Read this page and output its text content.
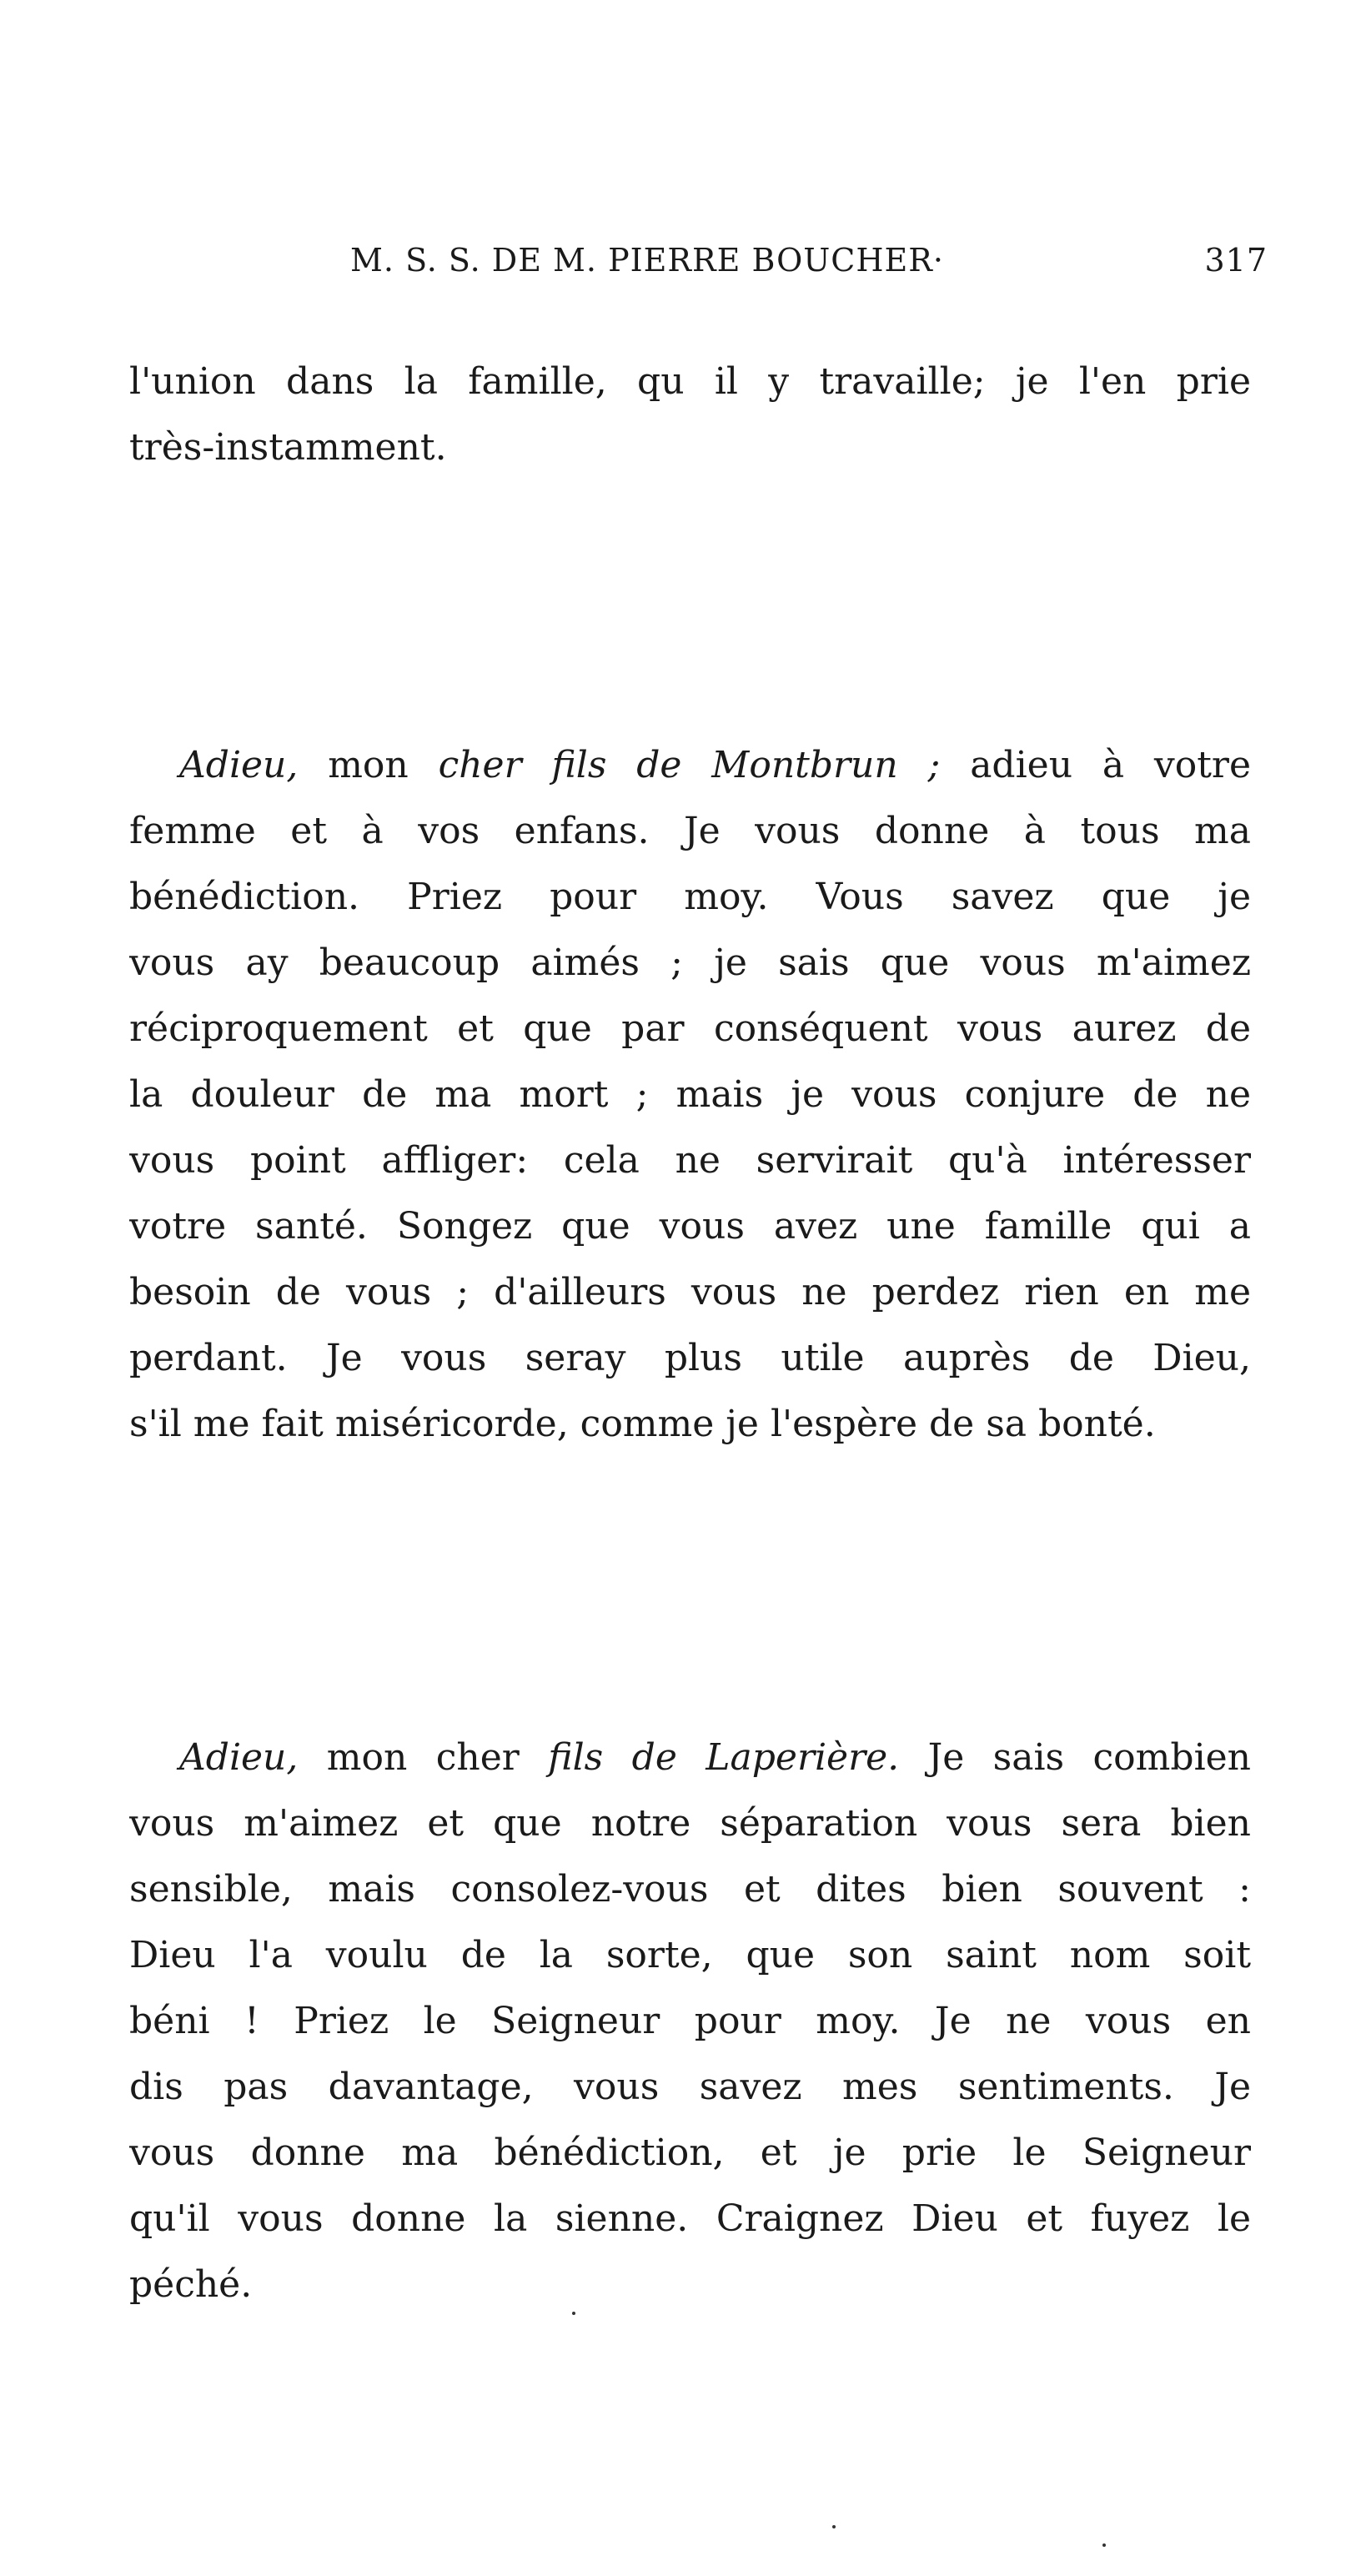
M. S. S. DE M. PIERRE BOUCHER·	317
l'union dans la famille, qu il y travaille; je l'en prie
très-instamment.
Adieu, mon cher fils de Montbrun ; adieu à votre
femme et à vos enfans. Je vous donne à tous ma
bénédiction. Priez pour moy. Vous savez que je
vous ay beaucoup aimés ; je sais que vous m'aimez
réciproquement et que par conséquent vous aurez de
la douleur de ma mort ; mais je vous conjure de ne
vous point affliger: cela ne servirait qu'à intéresser
votre santé. Songez que vous avez une famille qui a
besoin de vous ; d'ailleurs vous ne perdez rien en me
perdant. Je vous seray plus utile auprès de Dieu,
s'il me fait miséricorde, comme je l'espère de sa bonté.
Adieu, mon cher fils de Laperière. Je sais combien
vous m'aimez et que notre séparation vous sera bien
sensible, mais consolez-vous et dites bien souvent :
Dieu l'a voulu de la sorte, que son saint nom soit
béni ! Priez le Seigneur pour moy. Je ne vous en
dis pas davantage, vous savez mes sentiments. Je
vous donne ma bénédiction, et je prie le Seigneur
qu'il vous donne la sienne. Craignez Dieu et fuyez le
péché.
